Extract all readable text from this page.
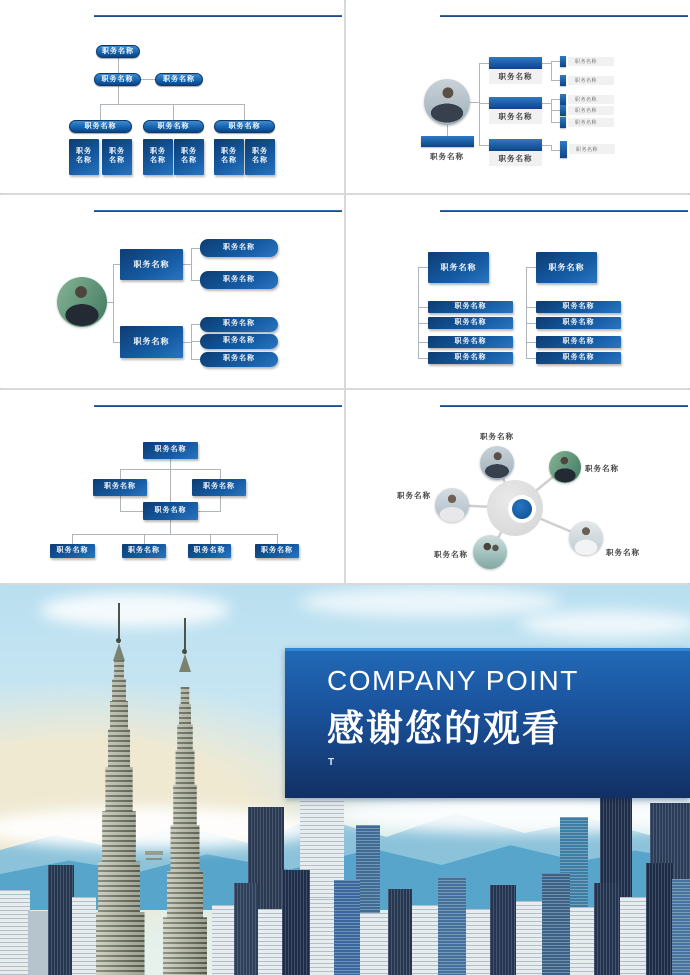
职务名称
职务名称	职务名称
职务名称	职务名称	职务名称
职务
名称
职务
名称
职务
名称
职务
名称
职务
名称
职务
名称	职务名称
职务名称
职务名称
职务名称
职务名称
职务名称
职务名称
职务名称
职务名称
职务名称
职务名称
职务名称
职务名称
职务名称
职务名称
职务名称
职务名称
职务名称
职务名称
职务名称
职务名称
职务名称
职务名称
职务名称
职务名称
职务名称
职务名称
职务名称
职务名称	职务名称
职务名称
职务名称	职务名称	职务名称	职务名称
职务名称
职务名称
职务名称
职务名称	职务名称
COMPANY POINT
感谢您的观看
T
